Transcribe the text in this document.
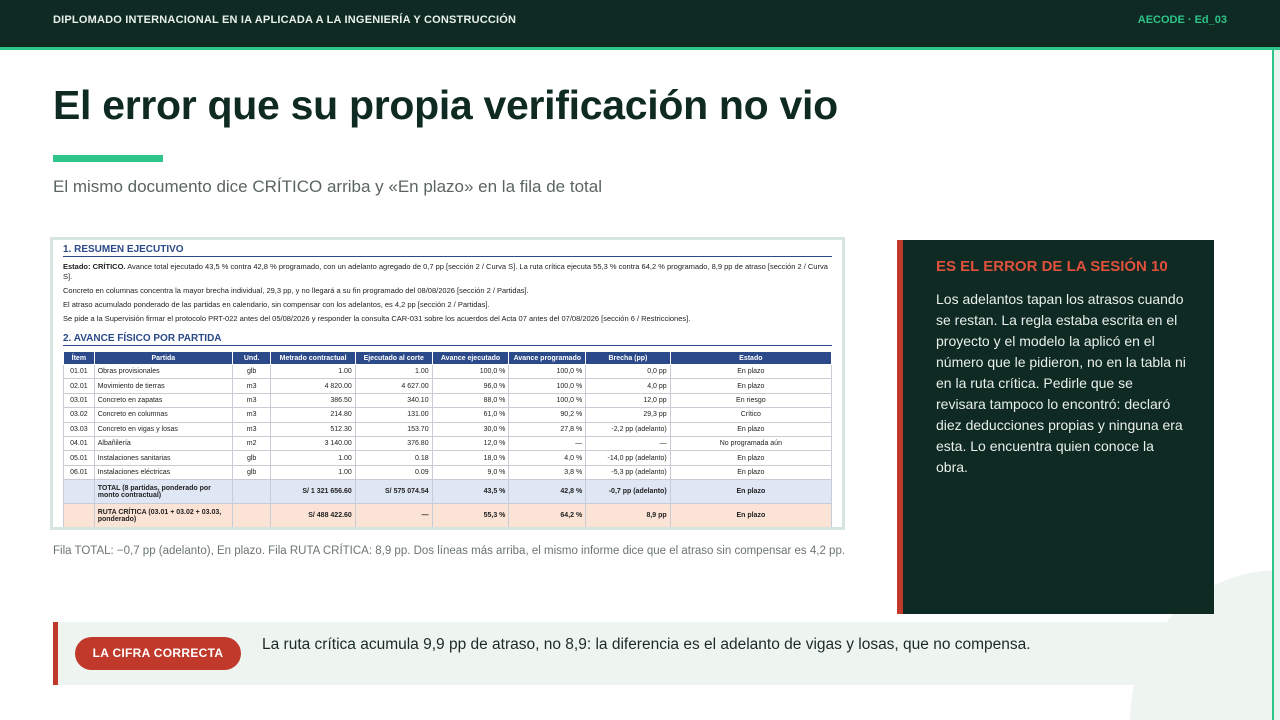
DIPLOMADO INTERNACIONAL EN IA APLICADA A LA INGENIERÍA Y CONSTRUCCIÓN	AECODE · Ed_03
El error que su propia verificación no vio
El mismo documento dice CRÍTICO arriba y «En plazo» en la fila de total
1. RESUMEN EJECUTIVO

Estado: CRÍTICO. Avance total ejecutado 43,5 % contra 42,8 % programado, con un adelanto agregado de 0,7 pp [sección 2 / Curva S]. La ruta crítica ejecuta 55,3 % contra 64,2 % programado, 8,9 pp de atraso [sección 2 / Curva S].

Concreto en columnas concentra la mayor brecha individual, 29,3 pp, y no llegará a su fin programado del 08/08/2026 [sección 2 / Partidas].

El atraso acumulado ponderado de las partidas en calendario, sin compensar con los adelantos, es 4,2 pp [sección 2 / Partidas].

Se pide a la Supervisión firmar el protocolo PRT-022 antes del 05/08/2026 y responder la consulta CAR-031 sobre los acuerdos del Acta 07 antes del 07/08/2026 [sección 6 / Restricciones].

2. AVANCE FÍSICO POR PARTIDA
Ítem	Partida	Und.	Metrado contractual	Ejecutado al corte	Avance ejecutado	Avance programado	Brecha (pp)	Estado
01.01	Obras provisionales	glb	1.00	1.00	100,0 %	100,0 %	0,0 pp	En plazo
02.01	Movimiento de tierras	m3	4 820.00	4 627.00	96,0 %	100,0 %	4,0 pp	En plazo
03.01	Concreto en zapatas	m3	386.50	340.10	88,0 %	100,0 %	12,0 pp	En riesgo
03.02	Concreto en columnas	m3	214.80	131.00	61,0 %	90,2 %	29,3 pp	Crítico
03.03	Concreto en vigas y losas	m3	512.30	153.70	30,0 %	27,8 %	-2,2 pp (adelanto)	En plazo
04.01	Albañilería	m2	3 140.00	376.80	12,0 %	—	—	No programada aún
05.01	Instalaciones sanitarias	glb	1.00	0.18	18,0 %	4,0 %	-14,0 pp (adelanto)	En plazo
06.01	Instalaciones eléctricas	glb	1.00	0.09	9,0 %	3,8 %	-5,3 pp (adelanto)	En plazo
	TOTAL (8 partidas, ponderado por monto contractual)		S/ 1 321 656.60	S/ 575 074.54	43,5 %	42,8 %	-0,7 pp (adelanto)	En plazo
	RUTA CRÍTICA (03.01 + 03.02 + 03.03, ponderado)		S/ 488 422.60	—	55,3 %	64,2 %	8,9 pp	En plazo
Fila TOTAL: −0,7 pp (adelanto), En plazo. Fila RUTA CRÍTICA: 8,9 pp. Dos líneas más arriba, el mismo informe dice que el atraso sin compensar es 4,2 pp.
ES EL ERROR DE LA SESIÓN 10
Los adelantos tapan los atrasos cuando se restan. La regla estaba escrita en el proyecto y el modelo la aplicó en el número que le pidieron, no en la tabla ni en la ruta crítica. Pedirle que se revisara tampoco lo encontró: declaró diez deducciones propias y ninguna era esta. Lo encuentra quien conoce la obra.
LA CIFRA CORRECTA	La ruta crítica acumula 9,9 pp de atraso, no 8,9: la diferencia es el adelanto de vigas y losas, que no compensa.
